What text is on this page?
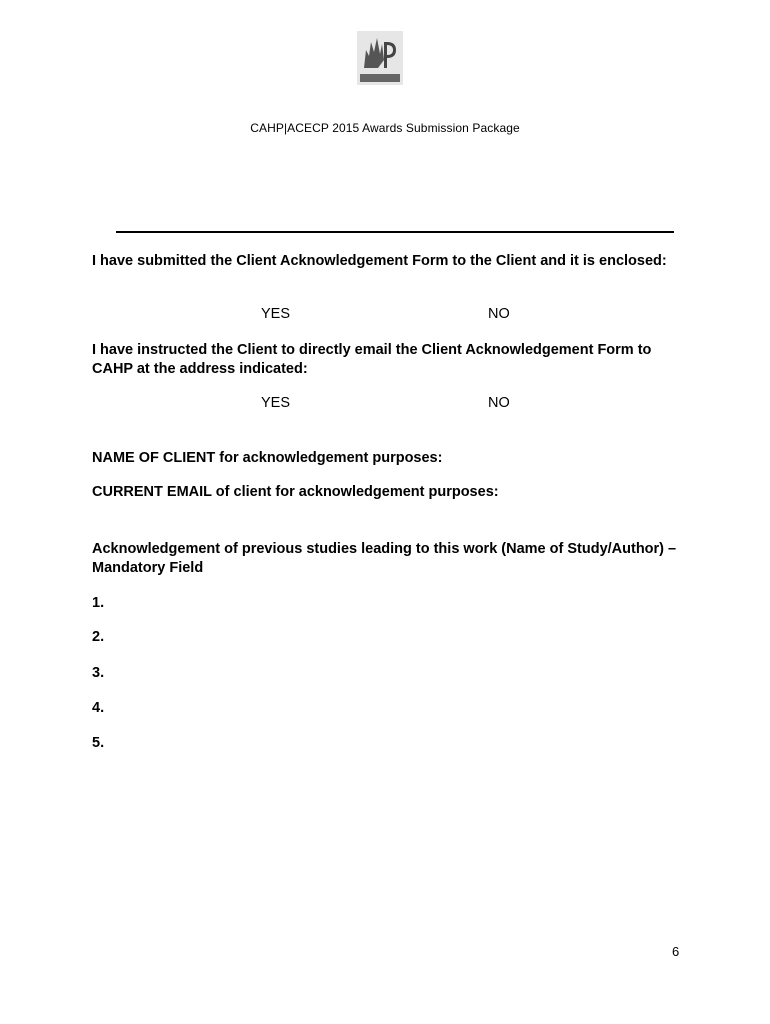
CAHP|ACECP 2015 Awards Submission Package
I have submitted the Client Acknowledgement Form to the Client and it is enclosed:
YES	NO
I have instructed the Client to directly email the Client Acknowledgement Form to CAHP at the address indicated:
YES	NO
NAME OF CLIENT for acknowledgement purposes:
CURRENT EMAIL of client for acknowledgement purposes:
Acknowledgement of previous studies leading to this work (Name of Study/Author) – Mandatory Field
1.
2.
3.
4.
5.
6
